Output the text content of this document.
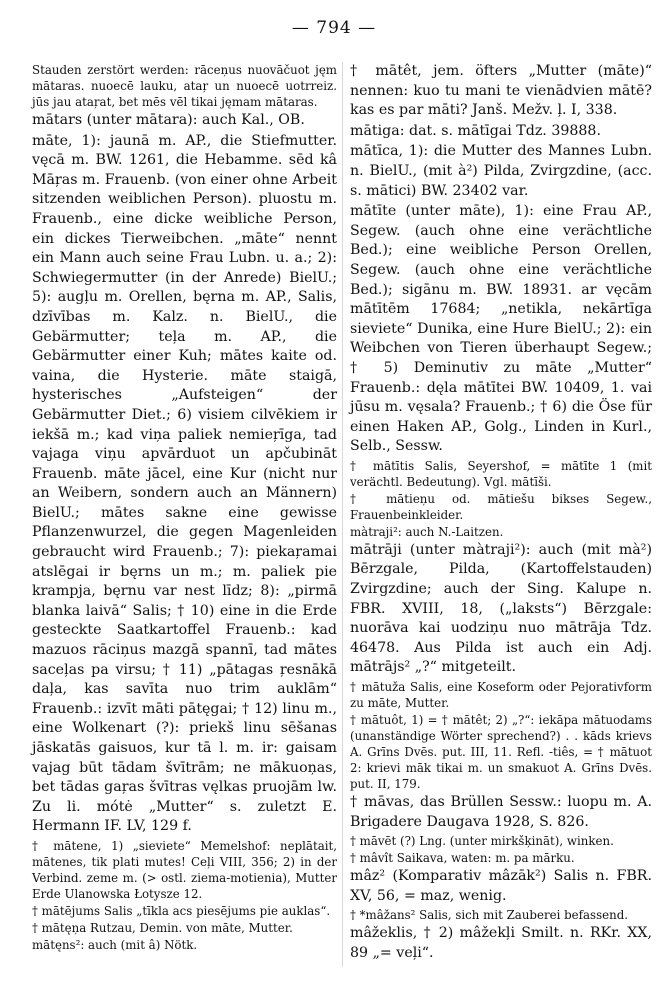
— 794 —

Stauden zerstört werden: rāceņus nuovāčuot jęm mātaras. nuoecē lauku, ataŗ un nuoecē uotrreiz. jūs jau ataŗat, bet mēs vēl tikai jęmam mātaras.

mātars (unter mātara): auch Kal., OB.

māte, 1): jaunā m. AP., die Stiefmutter. vęcā m. BW. 1261, die Hebamme. sēd kâ Māŗas m. Frauenb. (von einer ohne Arbeit sitzenden weiblichen Person). pluostu m. Frauenb., eine dicke weibliche Person, ein dickes Tierweibchen. „māte“ nennt ein Mann auch seine Frau Lubn. u. a.; 2): Schwiegermutter (in der Anrede) BielU.; 5): augļu m. Orellen, bęrna m. AP., Salis, dzīvības m. Kalz. n. BielU., die Gebärmutter; teļa m. AP., die Gebärmutter einer Kuh; mātes kaite od. vaina, die Hysterie. māte staigā, hysterisches „Aufsteigen“ der Gebärmutter Diet.; 6) visiem cilvēkiem ir iekšā m.; kad viņa paliek nemieŗīga, tad vajaga viņu apvārduot un apčubināt Frauenb. māte jācel, eine Kur (nicht nur an Weibern, sondern auch an Männern) BielU.; mātes sakne eine gewisse Pflanzenwurzel, die gegen Magenleiden gebraucht wird Frauenb.; 7): piekaŗamai atslēgai ir bęrns un m.; m. paliek pie krampja, bęrnu var nest līdz; 8): „pirmā blanka laivā“ Salis; † 10) eine in die Erde gesteckte Saatkartoffel Frauenb.: kad mazuos rāciņus mazgā spannī, tad mātes saceļas pa virsu; † 11) „pātagas ŗesnākā daļa, kas savīta nuo trim auklām“ Frauenb.: izvīt māti pātęgai; † 12) linu m., eine Wolkenart (?): priekš linu sēšanas jāskatās gaisuos, kur tā l. m. ir: gaisam vajag būt tādam švītrām; ne mākuoņas, bet tādas gaŗas švītras vęlkas pruojām lw. Zu li. mótė „Mutter“ s. zuletzt E. Hermann IF. LV, 129 f.

† mātene, 1) „sieviete“ Memelshof: neplātait, mātenes, tik plati mutes! Ceļi VIII, 356; 2) in der Verbind. zeme m. (> ostl. ziema-motienia), Mutter Erde Ulanowska Łotysze 12.

† mātējums Salis „tīkla acs piesējums pie auklas“.

† mātęņa Rutzau, Demin. von māte, Mutter.

mātęns²: auch (mit â) Nötk.

† mātêt, jem. öfters „Mutter (māte)“ nennen: kuo tu mani te vienādvien mātē? kas es par māti? Janš. Mežv. ļ. I, 338.

mātiga: dat. s. mātīgai Tdz. 39888.

mātīca, 1): die Mutter des Mannes Lubn. n. BielU., (mit à²) Pilda, Zvirgzdine, (acc. s. mātici) BW. 23402 var.

mātīte (unter māte), 1): eine Frau AP., Segew. (auch ohne eine verächtliche Bed.); eine weibliche Person Orellen, Segew. (auch ohne eine verächtliche Bed.); sigānu m. BW. 18931. ar vęcām mātītēm 17684; „netikla, nekārtīga sieviete“ Dunika, eine Hure BielU.; 2): ein Weibchen von Tieren überhaupt Segew.; † 5) Deminutiv zu māte „Mutter“ Frauenb.: dęla mātītei BW. 10409, 1. vai jūsu m. vęsala? Frauenb.; † 6) die Öse für einen Haken AP., Golg., Linden in Kurl., Selb., Sessw.

† mātītis Salis, Seyershof, = mātīte 1 (mit verächtl. Bedeutung). Vgl. mātīši.

† mātieņu od. mātiešu bikses Segew., Frauenbeinkleider.

màtraji²: auch N.-Laitzen.

mātrāji (unter màtraji²): auch (mit mà²) Bērzgale, Pilda, (Kartoffelstauden) Zvirgzdine; auch der Sing. Kalupe n. FBR. XVIII, 18, („laksts“) Bērzgale: nuorāva kai uodziņu nuo mātrāja Tdz. 46478. Aus Pilda ist auch ein Adj. mātrājs² „?“ mitgeteilt.

† mātuža Salis, eine Koseform oder Pejorativform zu māte, Mutter.

† mātuôt, 1) = † mātêt; 2) „?“: iekāpa mātuodams (unanständige Wörter sprechend?) . . kāds krievs A. Grīns Dvēs. put. III, 11. Refl. -tiês, = † mātuot 2: krievi māk tikai m. un smakuot A. Grīns Dvēs. put. II, 179.

† māvas, das Brüllen Sessw.: luopu m. A. Brigadere Daugava 1928, S. 826.

† māvēt (?) Lng. (unter mirkšķināt), winken.

† mâvît Saikava, waten: m. pa mārku.

mâz² (Komparativ mâzāk²) Salis n. FBR. XV, 56, = maz, wenig.

† *mâžans² Salis, sich mit Zauberei befassend.

mâžeklis, † 2) mâžekļi Smilt. n. RKr. XX, 89 „= veļi“.
